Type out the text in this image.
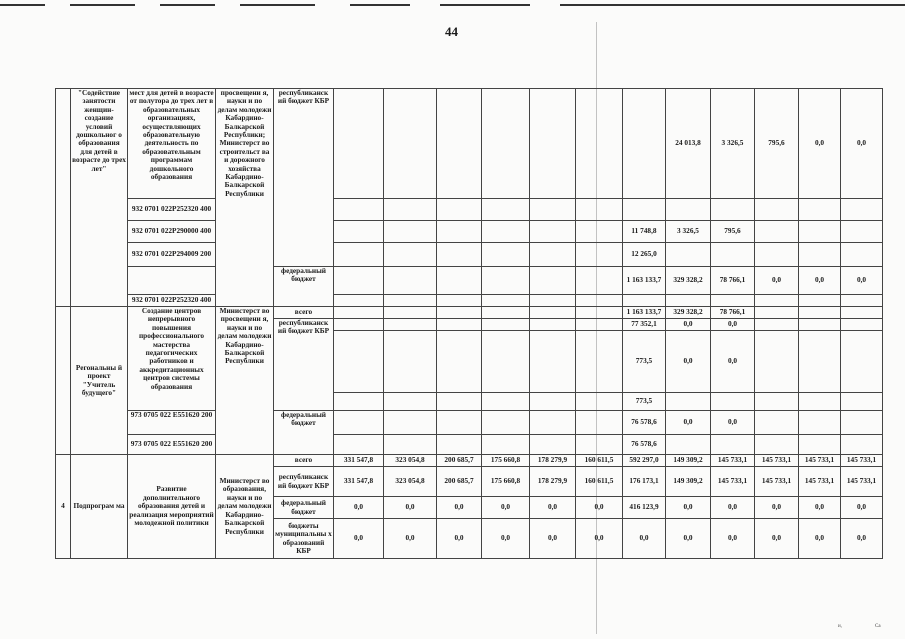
44
	"Содействие занятости женщин- создание условий дошкольног о образования для детей в возрасте до трех лет"	мест для детей в возрасте от полутора до трех лет в образовательных организациях, осуществляющих образовательную деятельность по образовательным программам дошкольного образования	просвещени я, науки и по делам молодежи Кабардино- Балкарской Республики; Министерст во строительст ва и дорожного хозяйства Кабардино- Балкарской Республики	республиканск ий бюджет КБР								24 013,8	3 326,5	795,6	0,0	0,0
		932 0701 022P252320 400														
		932 0701 022P290000 400									11 748,8	3 326,5	795,6			
		932 0701 022P294009 200									12 265,0					
				федеральный бюджет							1 163 133,7	329 328,2	78 766,1	0,0	0,0	0,0
		932 0701 022P252320 400														
	Регональны й проект "Учитель будущего"	Создание центров непрерывного повышения профессионального мастерства педагогических работников и аккредитационных центров системы образования	Министерст во просвещени я, науки и по делам молодежи Кабардино- Балкарской Республики	всего							1 163 133,7	329 328,2	78 766,1			
				республиканск ий бюджет КБР							77 352,1	0,0	0,0			
											773,5	0,0	0,0			
											773,5					
		973 0705 022 E551620 200		федеральный бюджет							76 578,6	0,0	0,0			
		973 0705 022 E551620 200									76 578,6					
4	Подпрограм ма	Развитие дополнительного образования детей и реализация мероприятий молодежной политики	Министерст во образования, науки и по делам молодежи Кабардино- Балкарской Республики	всего	331 547,8	323 054,8	200 685,7	175 660,8	178 279,9	160 611,5	592 297,0	149 309,2	145 733,1	145 733,1	145 733,1	145 733,1
				республиканск ий бюджет КБР	331 547,8	323 054,8	200 685,7	175 660,8	178 279,9	160 611,5	176 173,1	149 309,2	145 733,1	145 733,1	145 733,1	145 733,1
				федеральный бюджет	0,0	0,0	0,0	0,0	0,0	0,0	416 123,9	0,0	0,0	0,0	0,0	0,0
				бюджеты муниципальны х образований КБР	0,0	0,0	0,0	0,0	0,0	0,0	0,0	0,0	0,0	0,0	0,0	0,0
и,	Са
